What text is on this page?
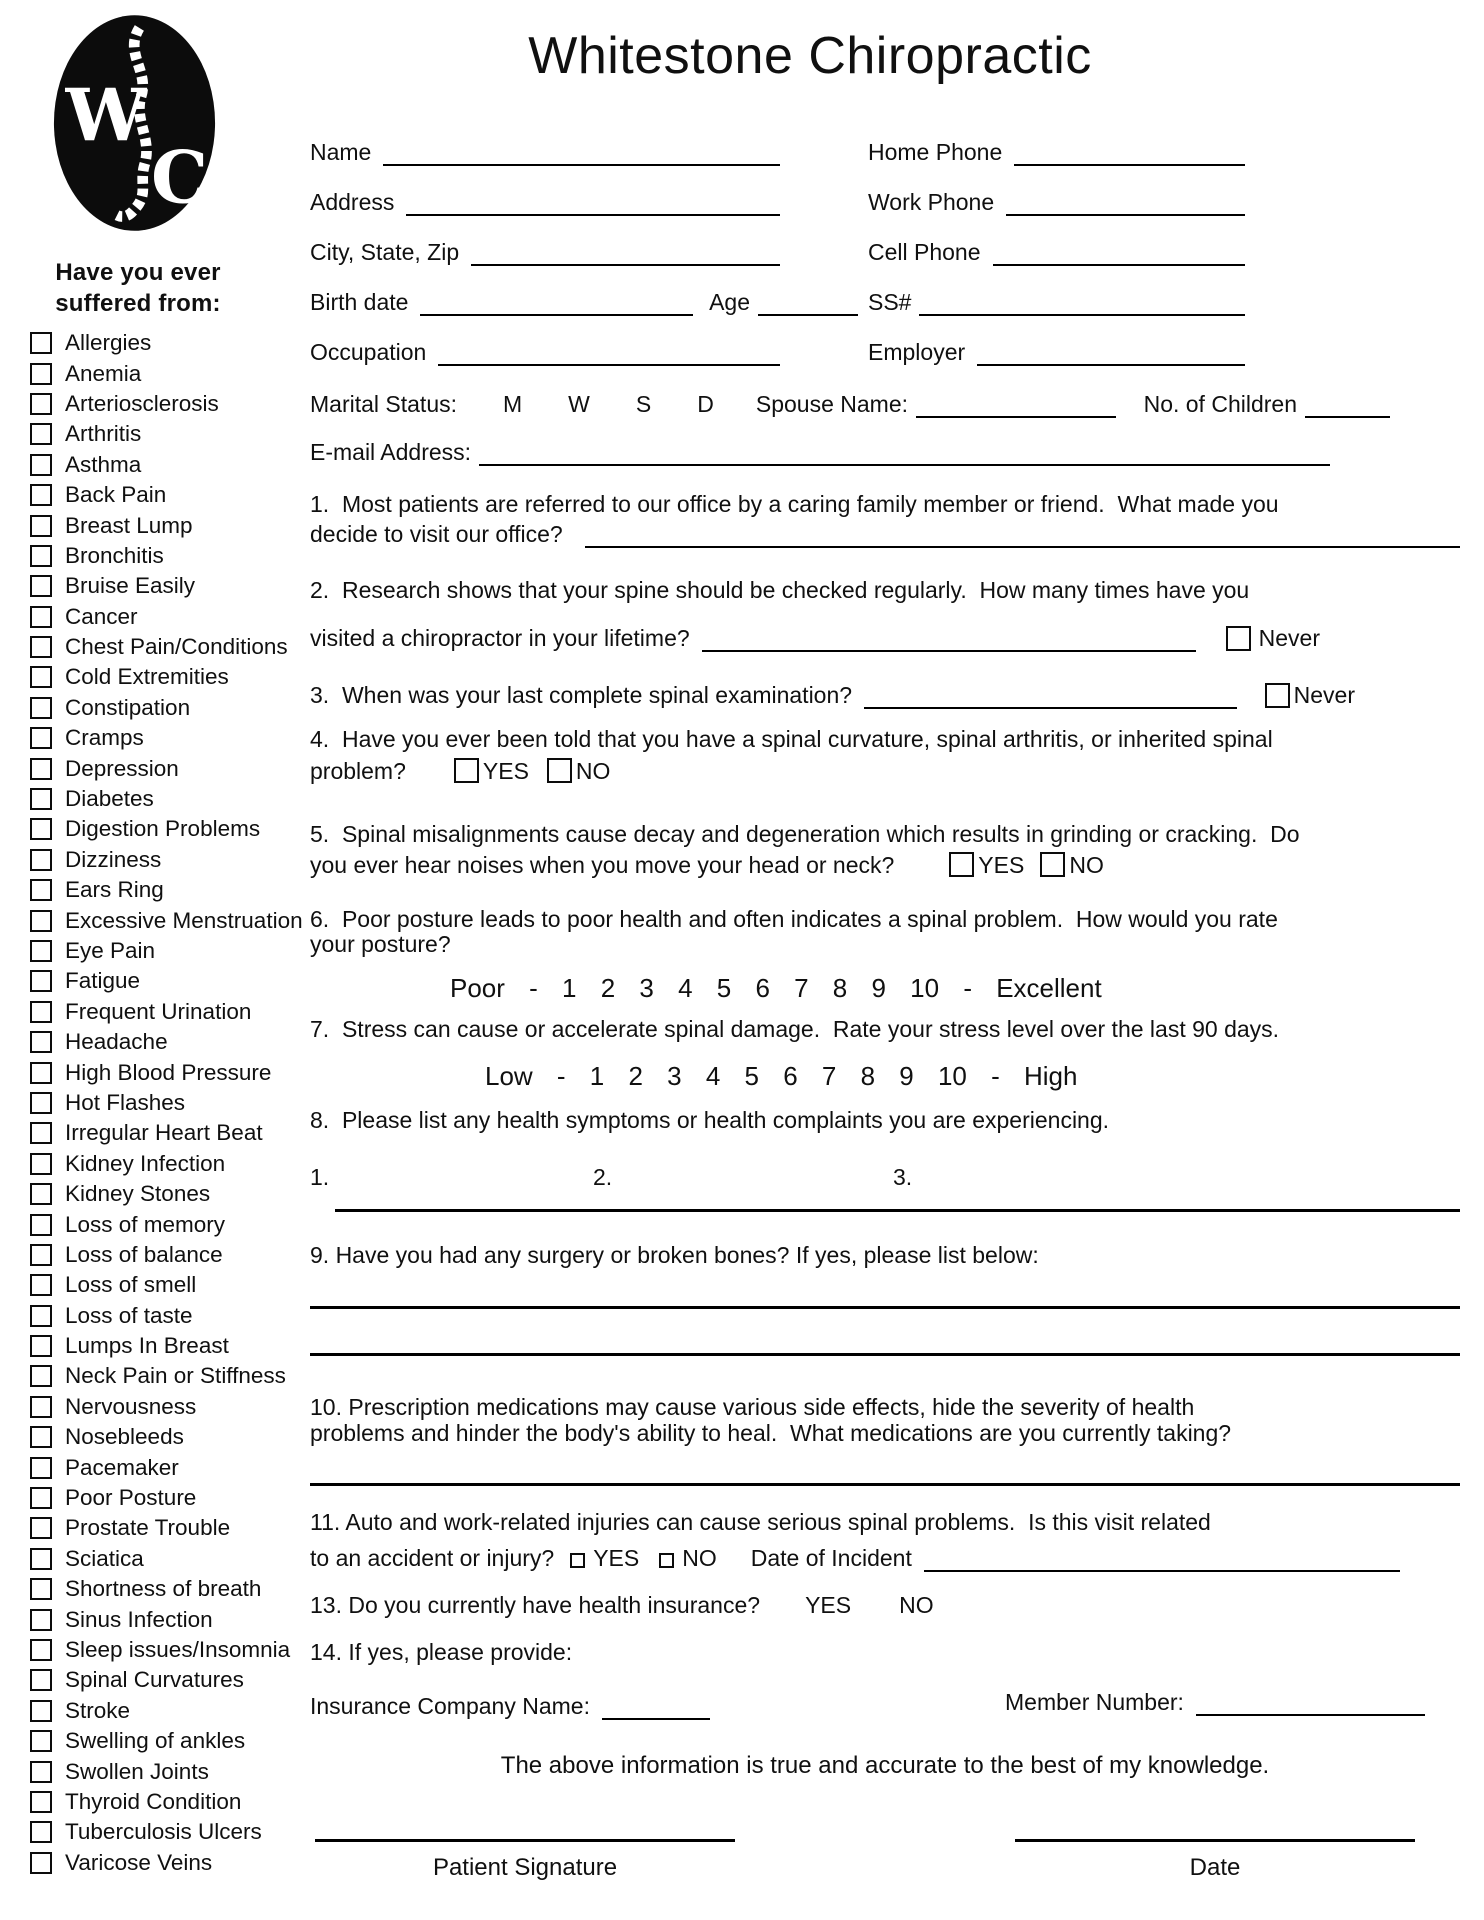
W
C
Have you ever
suffered from:
Allergies
Anemia
Arteriosclerosis
Arthritis
Asthma
Back Pain
Breast Lump
Bronchitis
Bruise Easily
Cancer
Chest Pain/Conditions
Cold Extremities
Constipation
Cramps
Depression
Diabetes
Digestion Problems
Dizziness
Ears Ring
Excessive Menstruation
Eye Pain
Fatigue
Frequent Urination
Headache
High Blood Pressure
Hot Flashes
Irregular Heart Beat
Kidney Infection
Kidney Stones
Loss of memory
Loss of balance
Loss of smell
Loss of taste
Lumps In Breast
Neck Pain or Stiffness
Nervousness
Nosebleeds
Pacemaker
Poor Posture
Prostate Trouble
Sciatica
Shortness of breath
Sinus Infection
Sleep issues/Insomnia
Spinal Curvatures
Stroke
Swelling of ankles
Swollen Joints
Thyroid Condition
Tuberculosis Ulcers
Varicose Veins
Whitestone Chiropractic
Name	Home Phone
Address	Work Phone
City, State, Zip	Cell Phone
Birth date	Age	SS#
Occupation	Employer
Marital Status: M W S D Spouse Name:	No. of Children
E-mail Address:
1.  Most patients are referred to our office by a caring family member or friend.  What made you
decide to visit our office?
2.  Research shows that your spine should be checked regularly.  How many times have you
visited a chiropractor in your lifetime?	Never
3.  When was your last complete spinal examination?	Never
4.  Have you ever been told that you have a spinal curvature, spinal arthritis, or inherited spinal
problem?	YES NO
5.  Spinal misalignments cause decay and degeneration which results in grinding or cracking.  Do
you ever hear noises when you move your head or neck?	YES NO
6.  Poor posture leads to poor health and often indicates a spinal problem.  How would you rate
your posture?
Poor - 1 2 3 4 5 6 7 8 9 10 - Excellent
7.  Stress can cause or accelerate spinal damage.  Rate your stress level over the last 90 days.
Low - 1 2 3 4 5 6 7 8 9 10 - High
8.  Please list any health symptoms or health complaints you are experiencing.
1.	2.	3.
9. Have you had any surgery or broken bones? If yes, please list below:
10. Prescription medications may cause various side effects, hide the severity of health
problems and hinder the body's ability to heal.  What medications are you currently taking?
11. Auto and work-related injuries can cause serious spinal problems.  Is this visit related
to an accident or injury? YES NO Date of Incident
13. Do you currently have health insurance? YES NO
14. If yes, please provide:
Insurance Company Name:	Member Number:
The above information is true and accurate to the best of my knowledge.
Patient Signature	Date
